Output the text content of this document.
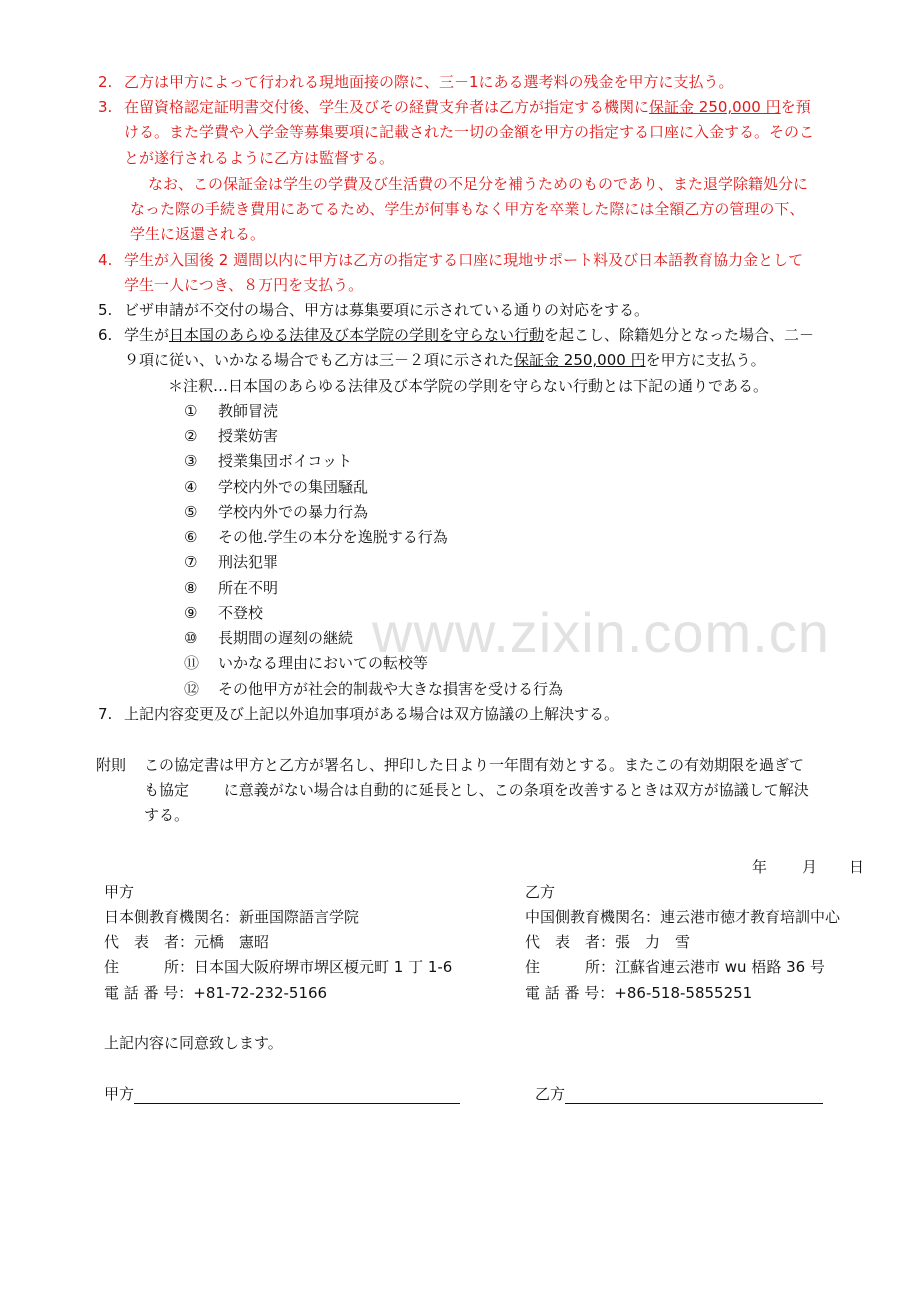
www.zixin.com.cn
2. 乙方は甲方によって行われる現地面接の際に、三－1にある選考料の残金を甲方に支払う。
3. 在留資格認定証明書交付後、学生及びその経費支弁者は乙方が指定する機関に保証金 250,000 円を預
ける。また学費や入学金等募集要項に記載された一切の金額を甲方の指定する口座に入金する。そのこ
とが遂行されるように乙方は監督する。
なお、この保証金は学生の学費及び生活費の不足分を補うためのものであり、また退学除籍処分に
なった際の手続き費用にあてるため、学生が何事もなく甲方を卒業した際には全額乙方の管理の下、
学生に返還される。
4. 学生が入国後 2 週間以内に甲方は乙方の指定する口座に現地サポート料及び日本語教育協力金として
学生一人につき、８万円を支払う。
5. ビザ申請が不交付の場合、甲方は募集要項に示されている通りの対応をする。
6. 学生が日本国のあらゆる法律及び本学院の学則を守らない行動を起こし、除籍処分となった場合、二－
９項に従い、いかなる場合でも乙方は三－２項に示された保証金 250,000 円を甲方に支払う。
＊注釈…日本国のあらゆる法律及び本学院の学則を守らない行動とは下記の通りである。
① 教師冒涜
② 授業妨害
③ 授業集団ボイコット
④ 学校内外での集団騒乱
⑤ 学校内外での暴力行為
⑥ その他.学生の本分を逸脱する行為
⑦ 刑法犯罪
⑧ 所在不明
⑨ 不登校
⑩ 長期間の遅刻の継続
⑪ いかなる理由においての転校等
⑫ その他甲方が社会的制裁や大きな損害を受ける行為
7. 上記内容変更及び上記以外追加事項がある場合は双方協議の上解決する。
附則 この協定書は甲方と乙方が署名し、押印した日より一年間有効とする。またこの有効期限を過ぎて
も協定　　 に意義がない場合は自動的に延長とし、この条項を改善するときは双方が協議して解決
する。
年 月 日
甲方
日本側教育機関名：新亜国際語言学院
代　表　者：元橋　憲昭
住　　　所：日本国大阪府堺市堺区榎元町 1 丁 1-6
電 話 番 号：+81-72-232-5166
乙方
中国側教育機関名：連云港市徳才教育培訓中心
代　表　者：張　力　雪
住　　　所：江蘇省連云港市 wu 梧路 36 号
電 話 番 号：+86-518-5855251
上記内容に同意致します。
甲方	乙方
